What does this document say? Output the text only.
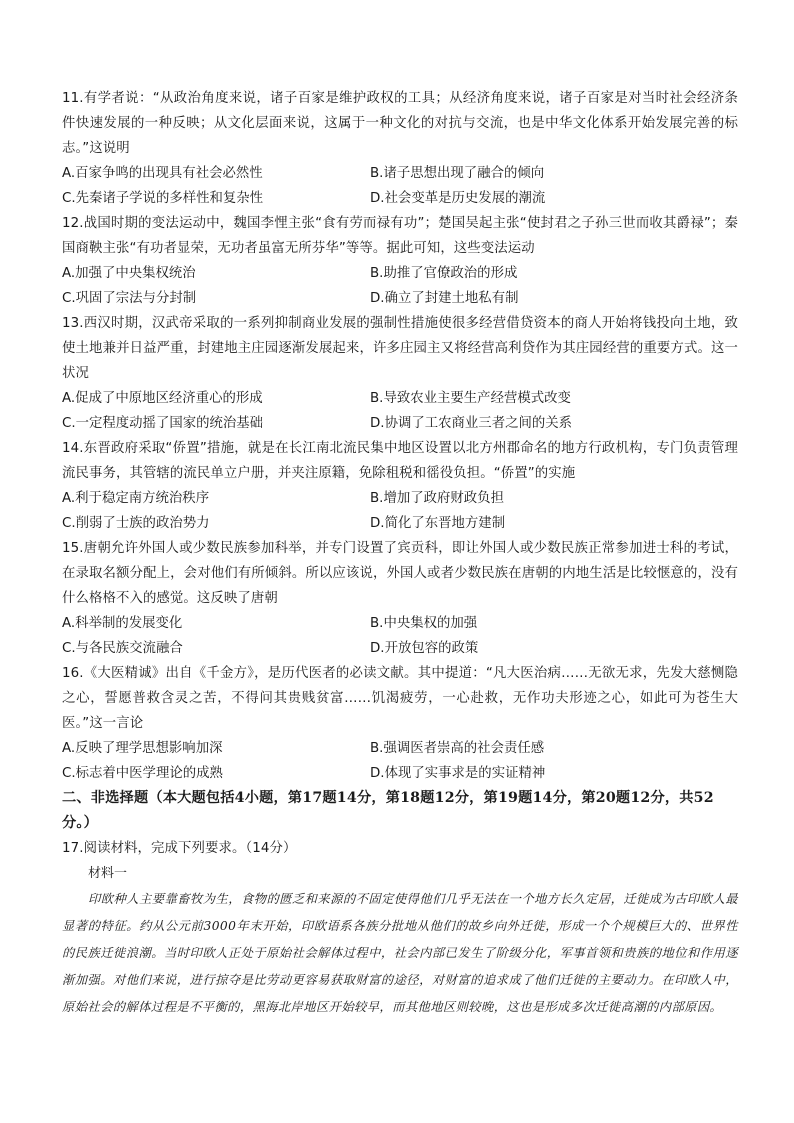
11.有学者说：“从政治角度来说，诸子百家是维护政权的工具；从经济角度来说，诸子百家是对当时社会经济条件快速发展的一种反映；从文化层面来说，这属于一种文化的对抗与交流，也是中华文化体系开始发展完善的标志。”这说明

A.百家争鸣的出现具有社会必然性	B.诸子思想出现了融合的倾向
C.先秦诸子学说的多样性和复杂性	D.社会变革是历史发展的潮流

12.战国时期的变法运动中，魏国李悝主张“食有劳而禄有功”；楚国吴起主张“使封君之子孙三世而收其爵禄”；秦国商鞅主张“有功者显荣，无功者虽富无所芬华”等等。据此可知，这些变法运动

A.加强了中央集权统治	B.助推了官僚政治的形成
C.巩固了宗法与分封制	D.确立了封建土地私有制

13.西汉时期，汉武帝采取的一系列抑制商业发展的强制性措施使很多经营借贷资本的商人开始将钱投向土地，致使土地兼并日益严重，封建地主庄园逐渐发展起来，许多庄园主又将经营高利贷作为其庄园经营的重要方式。这一状况

A.促成了中原地区经济重心的形成	B.导致农业主要生产经营模式改变
C.一定程度动摇了国家的统治基础	D.协调了工农商业三者之间的关系

14.东晋政府采取“侨置”措施，就是在长江南北流民集中地区设置以北方州郡命名的地方行政机构，专门负责管理流民事务，其管辖的流民单立户册，并夹注原籍，免除租税和徭役负担。“侨置”的实施

A.利于稳定南方统治秩序	B.增加了政府财政负担
C.削弱了士族的政治势力	D.简化了东晋地方建制

15.唐朝允许外国人或少数民族参加科举，并专门设置了宾贡科，即让外国人或少数民族正常参加进士科的考试，在录取名额分配上，会对他们有所倾斜。所以应该说，外国人或者少数民族在唐朝的内地生活是比较惬意的，没有什么格格不入的感觉。这反映了唐朝

A.科举制的发展变化	B.中央集权的加强
C.与各民族交流融合	D.开放包容的政策

16.《大医精诚》出自《千金方》，是历代医者的必读文献。其中提道：“凡大医治病……无欲无求，先发大慈恻隐之心，誓愿普救含灵之苦，不得问其贵贱贫富……饥渴疲劳，一心赴救，无作功夫形迹之心，如此可为苍生大医。”这一言论

A.反映了理学思想影响加深	B.强调医者崇高的社会责任感
C.标志着中医学理论的成熟	D.体现了实事求是的实证精神

二、非选择题（本大题包括4小题，第17题14分，第18题12分，第19题14分，第20题12分，共52分。）

17.阅读材料，完成下列要求。（14分）

材料一

印欧种人主要靠畜牧为生，食物的匮乏和来源的不固定使得他们几乎无法在一个地方长久定居，迁徙成为古印欧人最显著的特征。约从公元前3000年末开始，印欧语系各族分批地从他们的故乡向外迁徙，形成一个个规模巨大的、世界性的民族迁徙浪潮。当时印欧人正处于原始社会解体过程中，社会内部已发生了阶级分化，军事首领和贵族的地位和作用逐渐加强。对他们来说，进行掠夺是比劳动更容易获取财富的途径，对财富的追求成了他们迁徙的主要动力。在印欧人中，原始社会的解体过程是不平衡的，黑海北岸地区开始较早，而其他地区则较晚，这也是形成多次迁徙高潮的内部原因。
